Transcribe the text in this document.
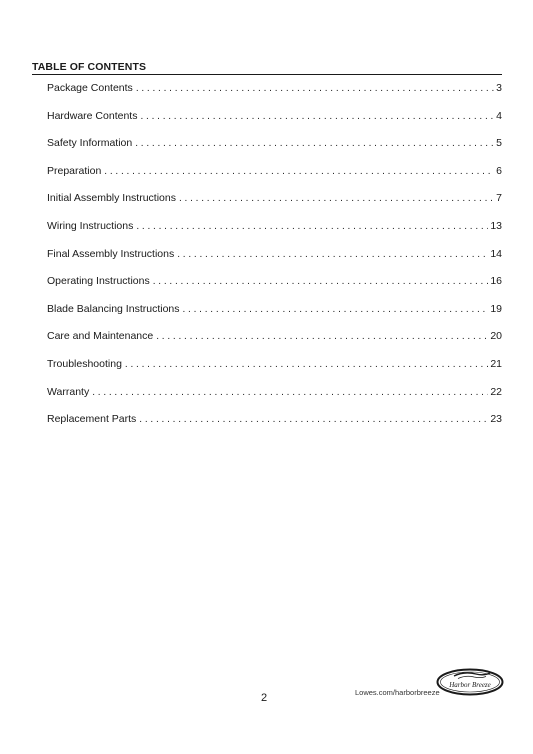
TABLE OF CONTENTS
Package Contents . . .	3
Hardware Contents . . .	4
Safety Information . . .	5
Preparation . . .	6
Initial Assembly Instructions . . .	7
Wiring Instructions . . .	13
Final Assembly Instructions . . .	14
Operating Instructions . . .	16
Blade Balancing Instructions . . .	19
Care and Maintenance . . .	20
Troubleshooting . . .	21
Warranty . . .	22
Replacement Parts . . .	23
2	Lowes.com/harborbreeze
Harbor Breeze
